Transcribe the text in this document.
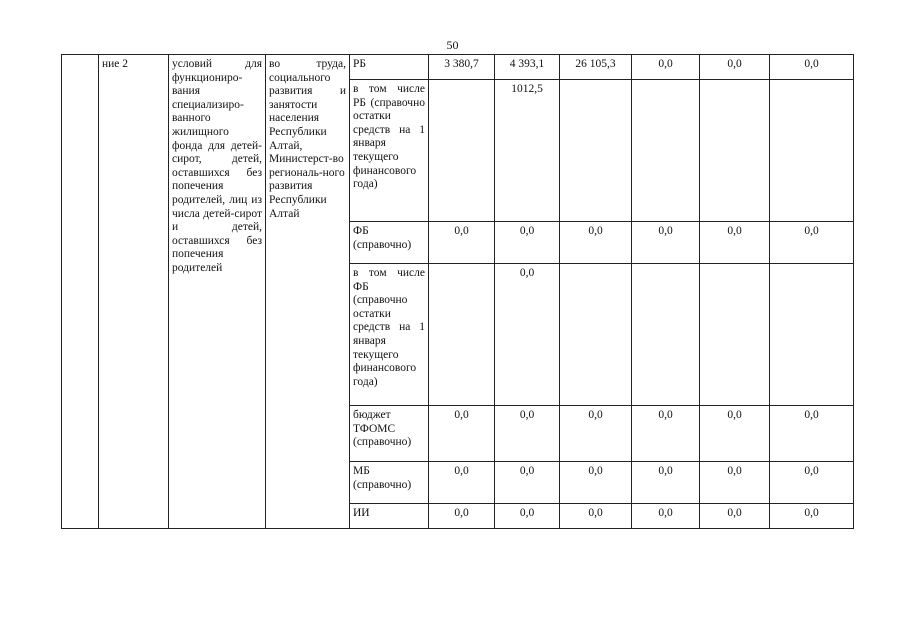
50
	ние 2	условий для функциониро-вания специализиро-ванного жилищного фонда для детей-сирот, детей, оставшихся без попечения родителей, лиц из числа детей-сирот и детей, оставшихся без попечения родителей	во труда, социального развития и занятости населения Республики Алтай, Министерст-во региональ-ного развития Республики Алтай	РБ	3 380,7	4 393,1	26 105,3	0,0	0,0	0,0
				в том числе РБ (справочно остатки средств на 1 января текущего финансового года)		1012,5				
				ФБ (справочно)	0,0	0,0	0,0	0,0	0,0	0,0
				в том числе ФБ (справочно остатки средств на 1 января текущего финансового года)		0,0				
				бюджет ТФОМС (справочно)	0,0	0,0	0,0	0,0	0,0	0,0
				МБ (справочно)	0,0	0,0	0,0	0,0	0,0	0,0
				ИИ	0,0	0,0	0,0	0,0	0,0	0,0
